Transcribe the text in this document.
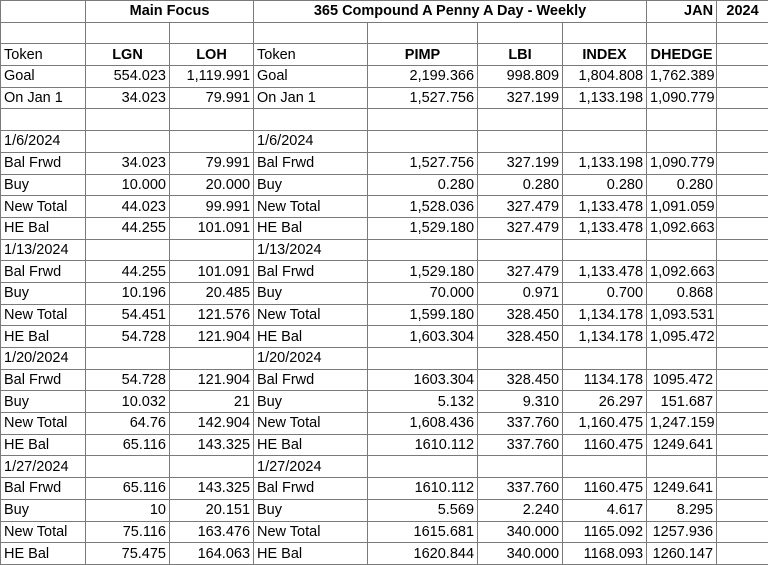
	Main Focus		365 Compound A Penny A Day - Weekly				JAN	2024

Token	LGN	LOH	Token	PIMP	LBI	INDEX	DHEDGE	
Goal	554.023	1,119.991	Goal	2,199.366	998.809	1,804.808	1,762.389	
On Jan 1	34.023	79.991	On Jan 1	1,527.756	327.199	1,133.198	1,090.779	

1/6/2024			1/6/2024					
Bal Frwd	34.023	79.991	Bal Frwd	1,527.756	327.199	1,133.198	1,090.779	
Buy	10.000	20.000	Buy	0.280	0.280	0.280	0.280	
New Total	44.023	99.991	New Total	1,528.036	327.479	1,133.478	1,091.059	
HE Bal	44.255	101.091	HE Bal	1,529.180	327.479	1,133.478	1,092.663	
1/13/2024			1/13/2024					
Bal Frwd	44.255	101.091	Bal Frwd	1,529.180	327.479	1,133.478	1,092.663	
Buy	10.196	20.485	Buy	70.000	0.971	0.700	0.868	
New Total	54.451	121.576	New Total	1,599.180	328.450	1,134.178	1,093.531	
HE Bal	54.728	121.904	HE Bal	1,603.304	328.450	1,134.178	1,095.472	
1/20/2024			1/20/2024					
Bal Frwd	54.728	121.904	Bal Frwd	1603.304	328.450	1134.178	1095.472	
Buy	10.032	21	Buy	5.132	9.310	26.297	151.687	
New Total	64.76	142.904	New Total	1,608.436	337.760	1,160.475	1,247.159	
HE Bal	65.116	143.325	HE Bal	1610.112	337.760	1160.475	1249.641	
1/27/2024			1/27/2024					
Bal Frwd	65.116	143.325	Bal Frwd	1610.112	337.760	1160.475	1249.641	
Buy	10	20.151	Buy	5.569	2.240	4.617	8.295	
New Total	75.116	163.476	New Total	1615.681	340.000	1165.092	1257.936	
HE Bal	75.475	164.063	HE Bal	1620.844	340.000	1168.093	1260.147	
